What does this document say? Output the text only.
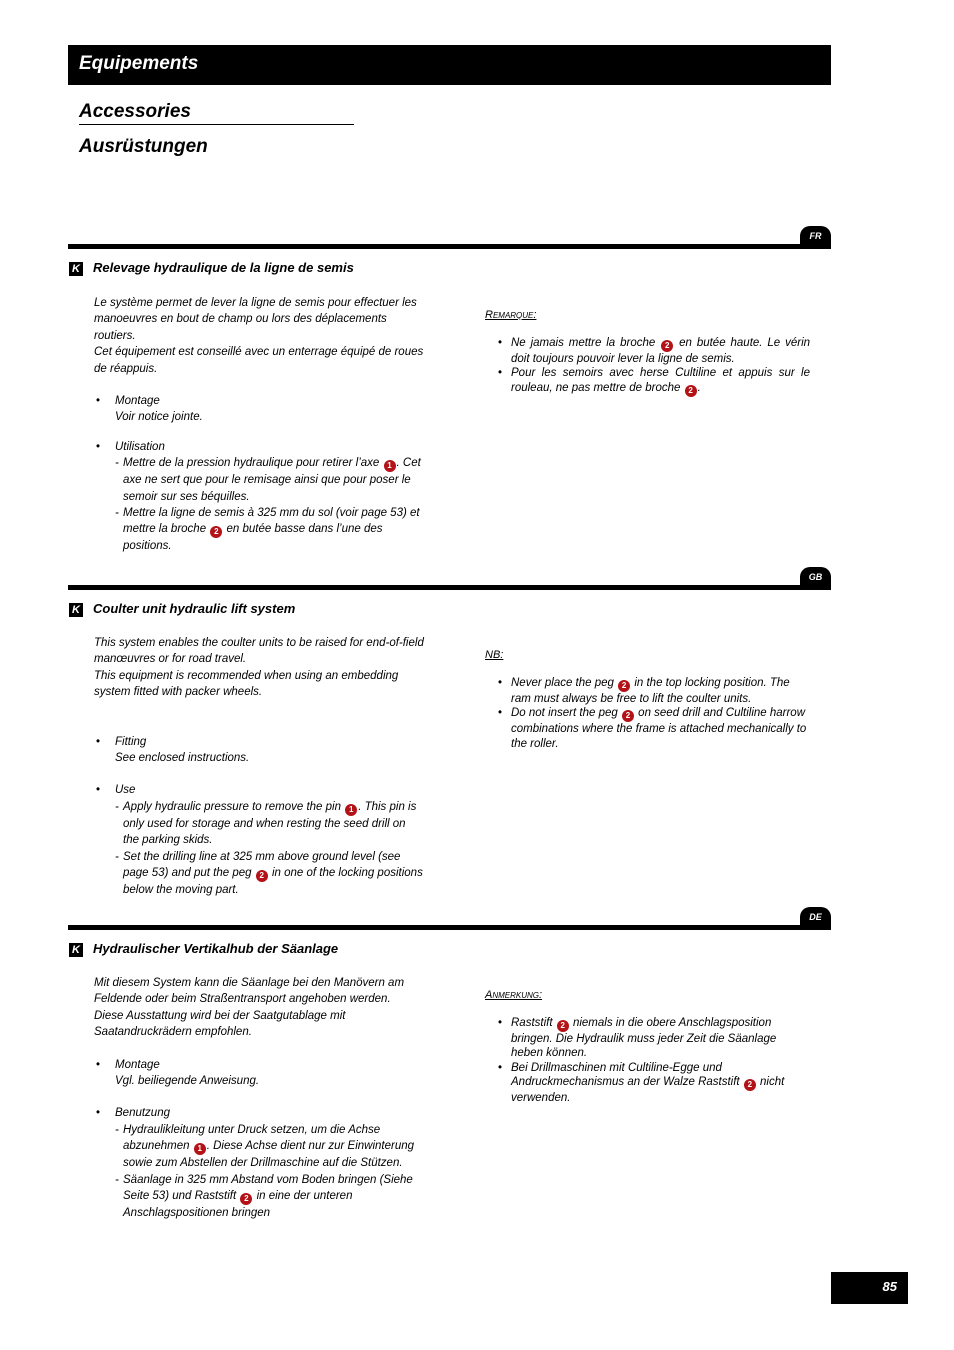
Equipements
Accessories
Ausrüstungen
FR
K Relevage hydraulique de la ligne de semis

Le système permet de lever la ligne de semis pour effectuer les manoeuvres en bout de champ ou lors des déplacements routiers.

Cet équipement est conseillé avec un enterrage équipé de roues de réappuis.

• Montage

Voir notice jointe.

• Utilisation

- Mettre de la pression hydraulique pour retirer l’axe 1 . Cet axe ne sert que pour le remisage ainsi que pour poser le semoir sur ses béquilles.
- Mettre la ligne de semis à 325 mm du sol (voir page 53) et mettre la broche 2 en butée basse dans l’une des positions.

Remarque:

• Ne jamais mettre la broche 2 en butée haute. Le vérin doit toujours pouvoir lever la ligne de semis.
• Pour les semoirs avec herse Cultiline et appuis sur le rouleau, ne pas mettre de broche 2 .
GB
K Coulter unit hydraulic lift system

This system enables the coulter units to be raised for end-of-field manœuvres or for road travel.

This equipment is recommended when using an embedding system fitted with packer wheels.

• Fitting

See enclosed instructions.

• Use

- Apply hydraulic pressure to remove the pin 1 . This pin is only used for storage and when resting the seed drill on the parking skids.
- Set the drilling line at 325 mm above ground level (see page 53) and put the peg 2 in one of the locking positions below the moving part.

NB:

• Never place the peg 2 in the top locking position. The ram must always be free to lift the coulter units.
• Do not insert the peg 2 on seed drill and Cultiline harrow combinations where the frame is attached mechanically to the roller.
DE
K Hydraulischer Vertikalhub der Säanlage

Mit diesem System kann die Säanlage bei den Manövern am Feldende oder beim Straßentransport angehoben werden.

Diese Ausstattung wird bei der Saatgutablage mit Saatandruckrädern empfohlen.

• Montage

Vgl. beiliegende Anweisung.

• Benutzung

- Hydraulikleitung unter Druck setzen, um die Achse abzunehmen 1 . Diese Achse dient nur zur Einwinterung sowie zum Abstellen der Drillmaschine auf die Stützen.
- Säanlage in 325 mm Abstand vom Boden bringen (Siehe Seite 53) und Raststift 2 in eine der unteren Anschlagspositionen bringen

Anmerkung:

• Raststift 2 niemals in die obere Anschlagsposition bringen. Die Hydraulik muss jeder Zeit die Säanlage heben können.
• Bei Drillmaschinen mit Cultiline-Egge und Andruckmechanismus an der Walze Raststift 2 nicht verwenden.
85
